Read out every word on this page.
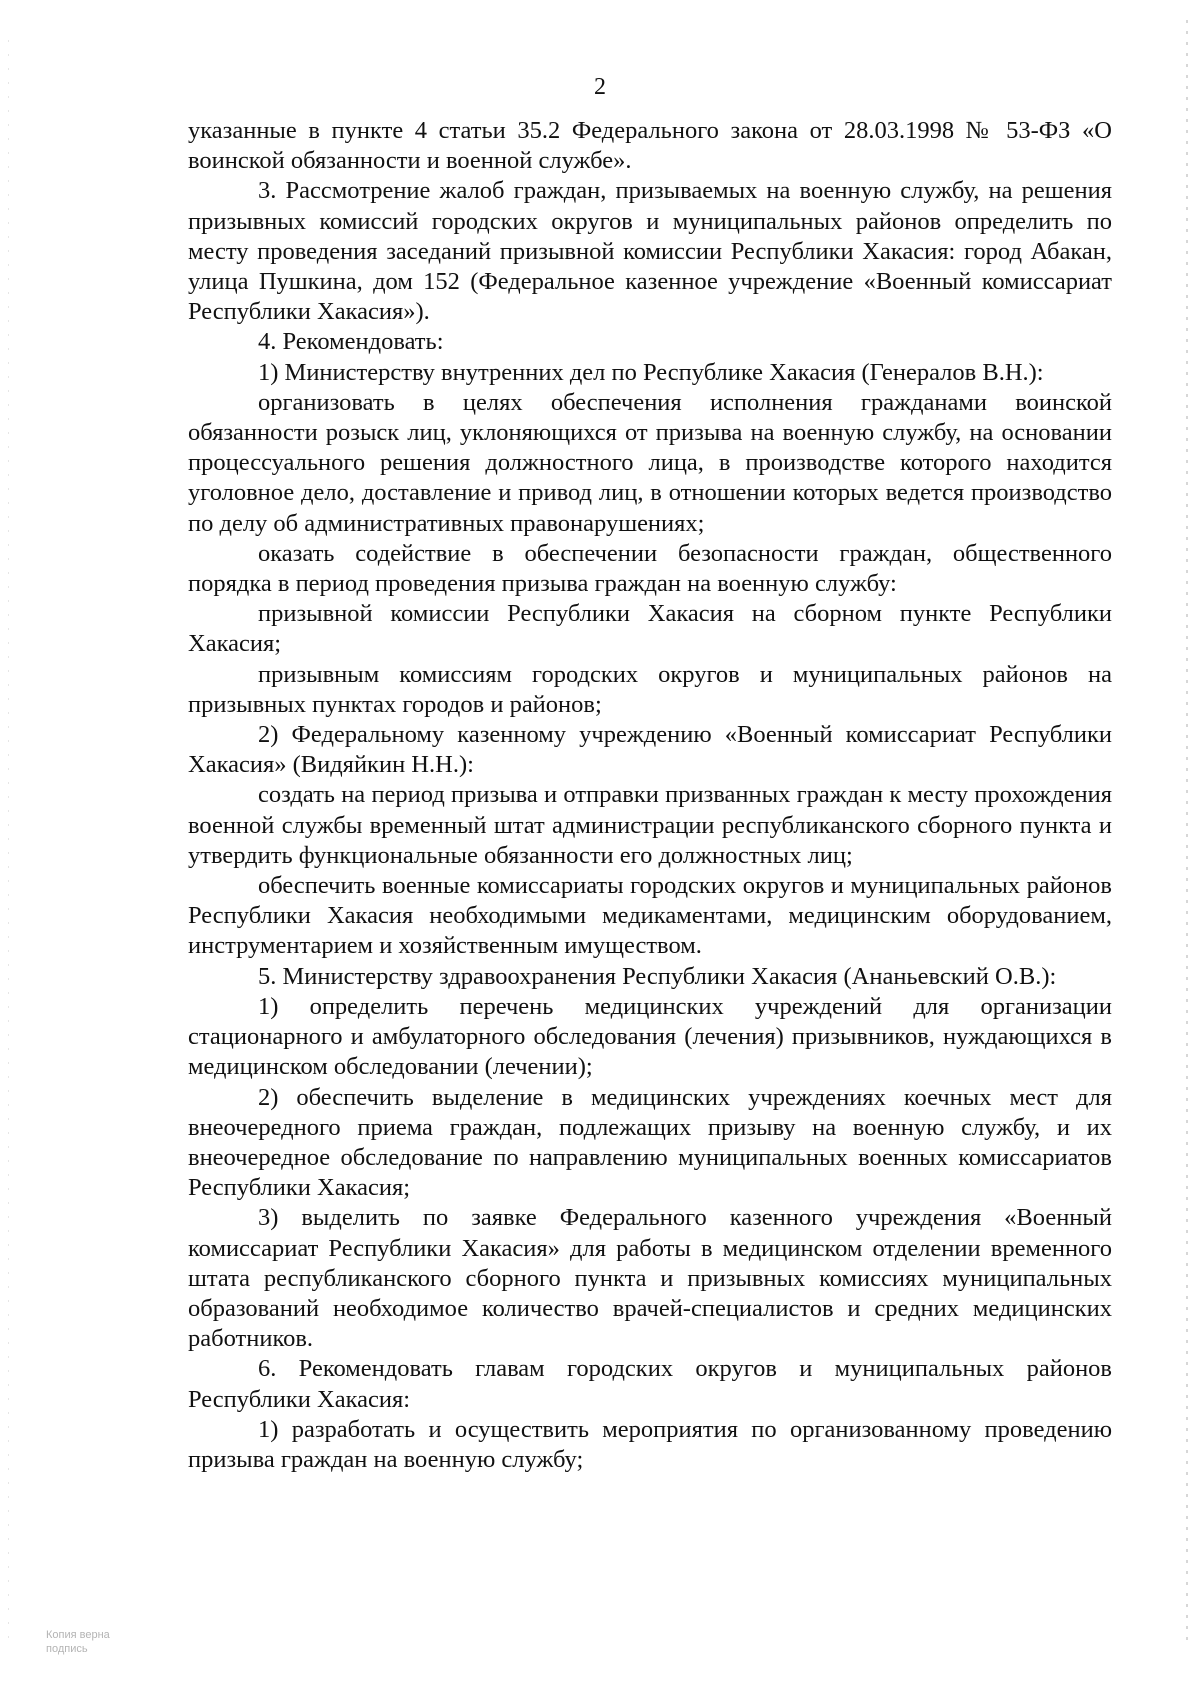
2

указанные в пункте 4 статьи 35.2 Федерального закона от 28.03.1998 № 53-ФЗ «О воинской обязанности и военной службе».

3. Рассмотрение жалоб граждан, призываемых на военную службу, на решения призывных комиссий городских округов и муниципальных районов определить по месту проведения заседаний призывной комиссии Республики Хакасия: город Абакан, улица Пушкина, дом 152 (Федеральное казенное учреждение «Военный комиссариат Республики Хакасия»).

4. Рекомендовать:

1) Министерству внутренних дел по Республике Хакасия (Генералов В.Н.):

организовать в целях обеспечения исполнения гражданами воинской обязанности розыск лиц, уклоняющихся от призыва на военную службу, на основании процессуального решения должностного лица, в производстве которого находится уголовное дело, доставление и привод лиц, в отношении которых ведется производство по делу об административных правонарушениях;

оказать содействие в обеспечении безопасности граждан, общественного порядка в период проведения призыва граждан на военную службу:

призывной комиссии Республики Хакасия на сборном пункте Республики Хакасия;

призывным комиссиям городских округов и муниципальных районов на призывных пунктах городов и районов;

2) Федеральному казенному учреждению «Военный комиссариат Республики Хакасия» (Видяйкин Н.Н.):

создать на период призыва и отправки призванных граждан к месту прохождения военной службы временный штат администрации республиканского сборного пункта и утвердить функциональные обязанности его должностных лиц;

обеспечить военные комиссариаты городских округов и муниципальных районов Республики Хакасия необходимыми медикаментами, медицинским оборудованием, инструментарием и хозяйственным имуществом.

5. Министерству здравоохранения Республики Хакасия (Ананьевский О.В.):

1) определить перечень медицинских учреждений для организации стационарного и амбулаторного обследования (лечения) призывников, нуждающихся в медицинском обследовании (лечении);

2) обеспечить выделение в медицинских учреждениях коечных мест для внеочередного приема граждан, подлежащих призыву на военную службу, и их внеочередное обследование по направлению муниципальных военных комиссариатов Республики Хакасия;

3) выделить по заявке Федерального казенного учреждения «Военный комиссариат Республики Хакасия» для работы в медицинском отделении временного штата республиканского сборного пункта и призывных комиссиях муниципальных образований необходимое количество врачей-специалистов и средних медицинских работников.

6. Рекомендовать главам городских округов и муниципальных районов Республики Хакасия:

1) разработать и осуществить мероприятия по организованному проведению призыва граждан на военную службу;

Копия верна
подпись
